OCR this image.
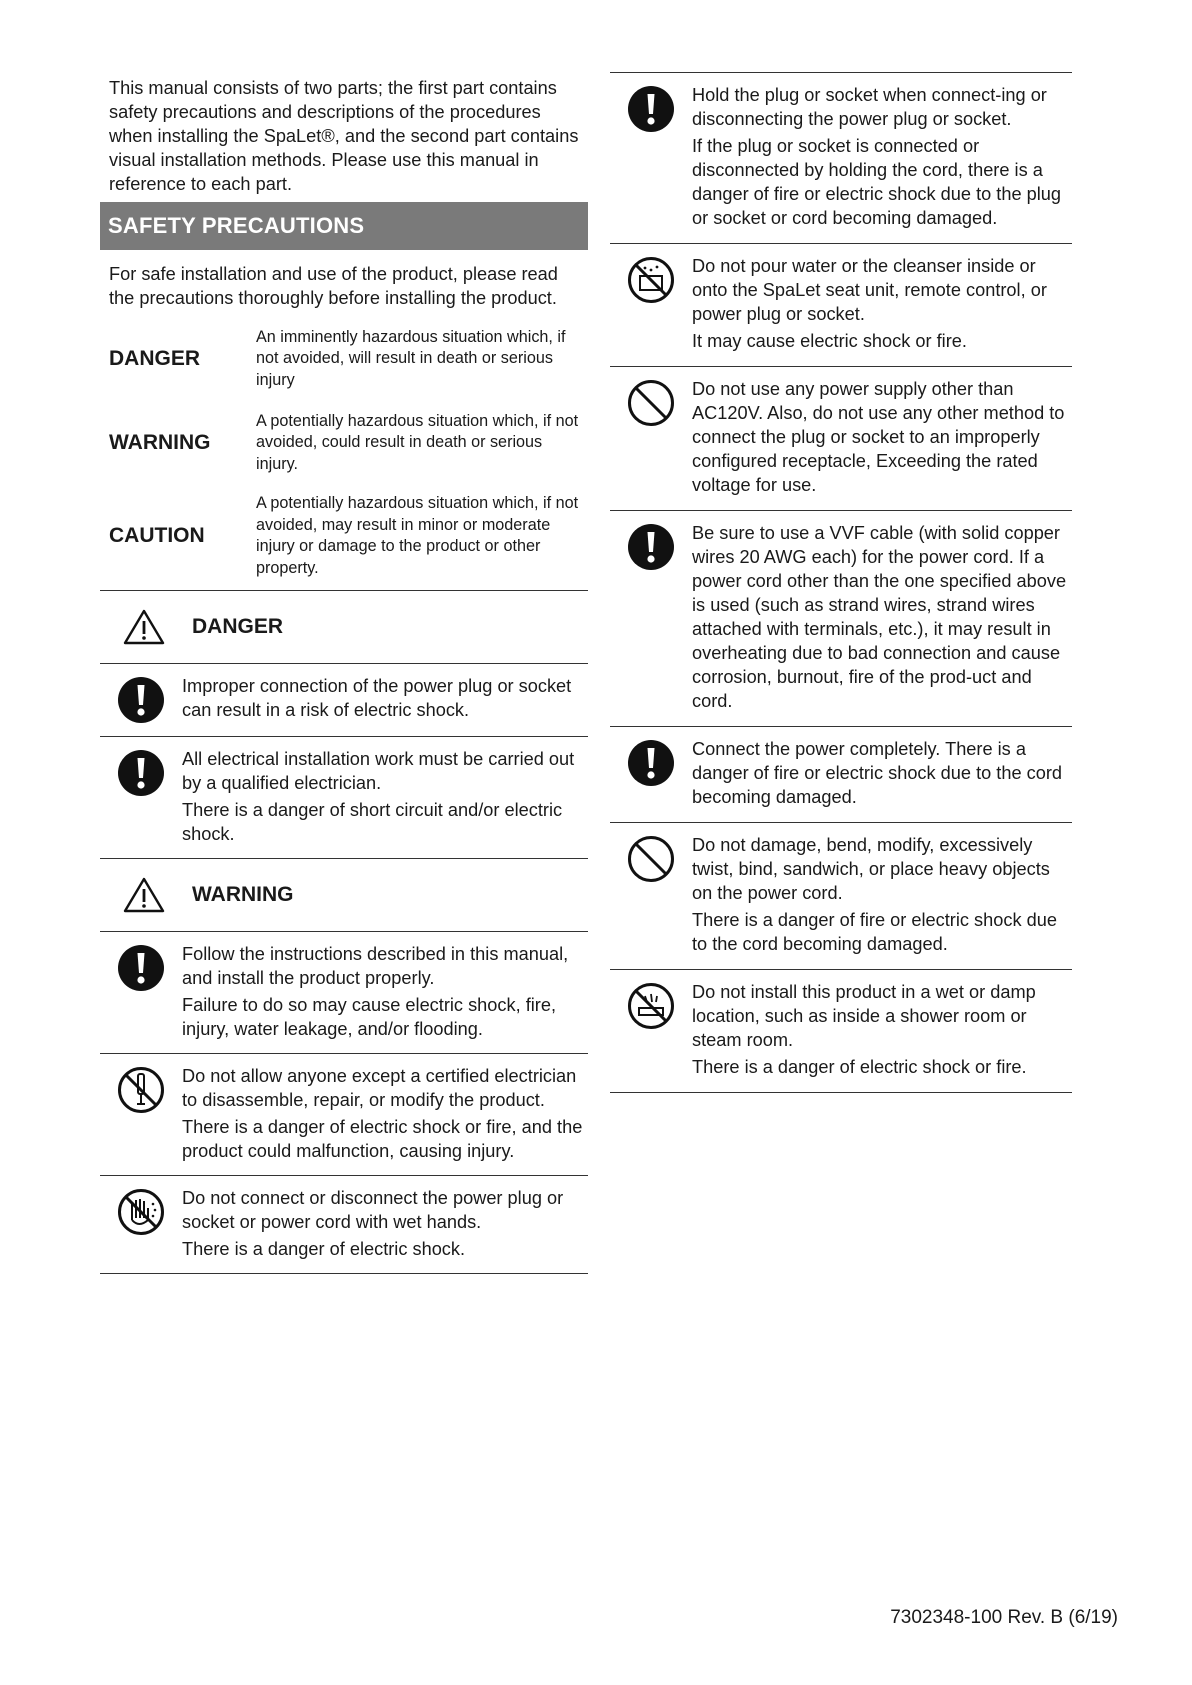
This manual consists of two parts; the first part contains safety precautions and descriptions of the procedures when installing the SpaLet®, and the second part contains visual installation methods. Please use this manual in reference to each part.

SAFETY PRECAUTIONS

For safe installation and use of the product, please read the precautions thoroughly before installing the product.

DANGER
An imminently hazardous situation which, if not avoided, will result in death or serious injury
WARNING
A potentially hazardous situation which, if not avoided, could result in death or serious injury.
CAUTION
A potentially hazardous situation which, if not avoided, may result in minor or moderate injury or damage to the product or other property.
DANGER

Improper connection of the power plug or socket can result in a risk of electric shock.

All electrical installation work must be carried out by a qualified electrician.

There is a danger of short circuit and/or electric shock.

WARNING

Follow the instructions described in this manual, and install the product properly.

Failure to do so may cause electric shock, fire, injury, water leakage, and/or flooding.

Do not allow anyone except a certified electrician to disassemble, repair, or modify the product.

There is a danger of electric shock or fire, and the product could malfunction, causing injury.

Do not connect or disconnect the power plug or socket or power cord with wet hands.

There is a danger of electric shock.

Hold the plug or socket when connect-ing or disconnecting the power plug or socket.

If the plug or socket is connected or disconnected by holding the cord, there is a danger of fire or electric shock due to the plug or socket or cord becoming damaged.

Do not pour water or the cleanser inside or onto the SpaLet seat unit, remote control, or power plug or socket.

It may cause electric shock or fire.

Do not use any power supply other than AC120V. Also, do not use any other method to connect the plug or socket to an improperly configured receptacle, Exceeding the rated voltage for use.

Be sure to use a VVF cable (with solid copper wires 20 AWG each) for the power cord. If a power cord other than the one specified above is used (such as strand wires, strand wires attached with terminals, etc.), it may result in overheating due to bad connection and cause corrosion, burnout, fire of the prod-uct and cord.

Connect the power completely. There is a danger of fire or electric shock due to the cord becoming damaged.

Do not damage, bend, modify, excessively twist, bind, sandwich, or place heavy objects on the power cord.

There is a danger of fire or electric shock due to the cord becoming damaged.

Do not install this product in a wet or damp location, such as inside a shower room or steam room.

There is a danger of electric shock or fire.

7302348-100 Rev. B (6/19)
